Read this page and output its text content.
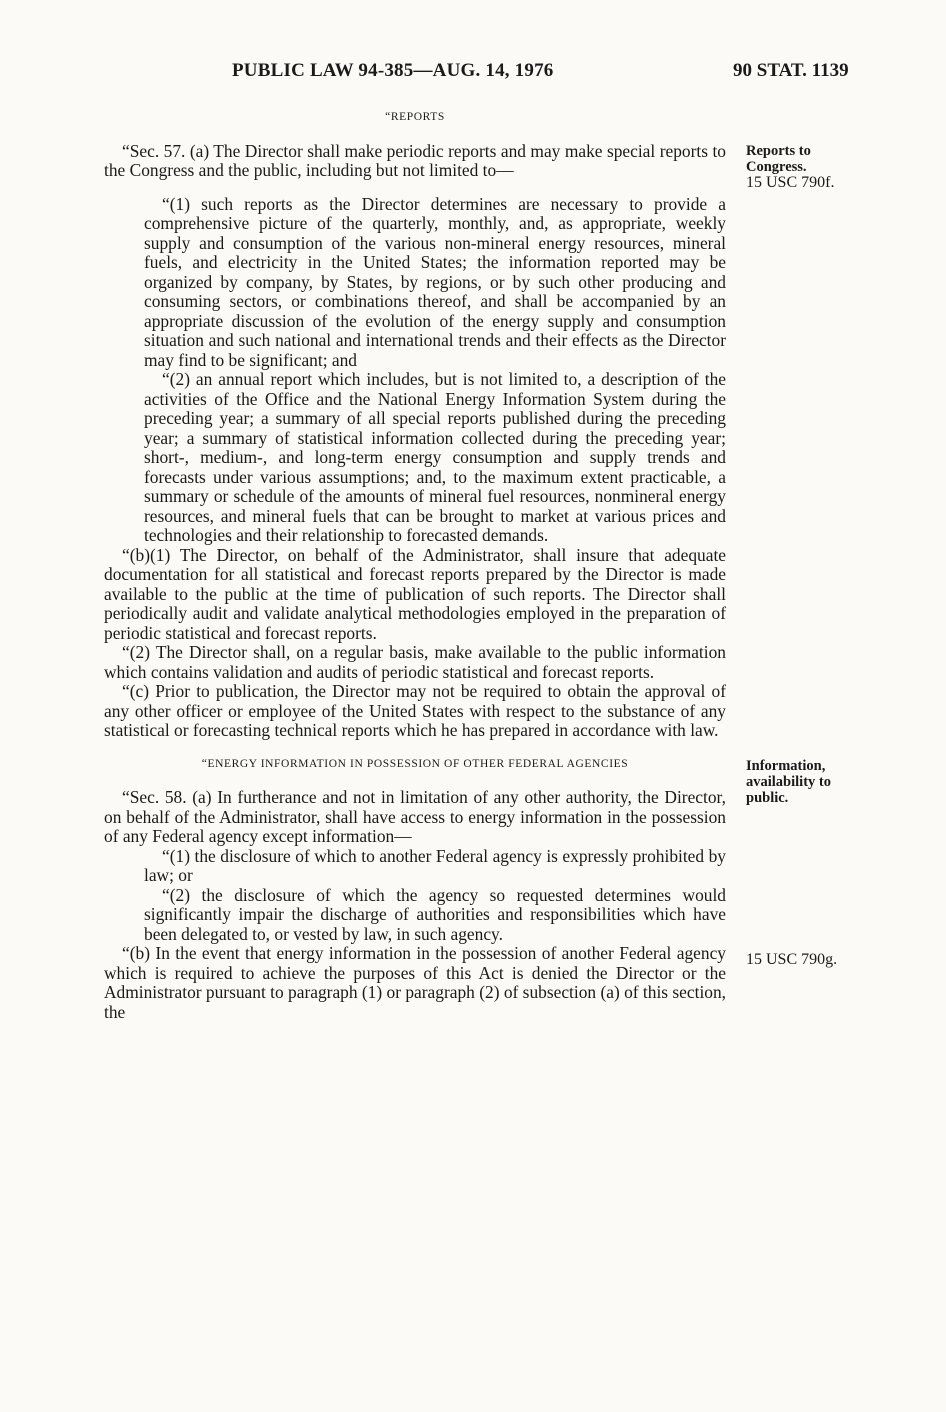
PUBLIC LAW 94-385—AUG. 14, 1976	90 STAT. 1139
“REPORTS

“Sec. 57. (a) The Director shall make periodic reports and may make special reports to the Congress and the public, including but not limited to—

“(1) such reports as the Director determines are necessary to provide a comprehensive picture of the quarterly, monthly, and, as appropriate, weekly supply and consumption of the various non-mineral energy resources, mineral fuels, and electricity in the United States; the information reported may be organized by company, by States, by regions, or by such other producing and consuming sectors, or combinations thereof, and shall be accompanied by an appropriate discussion of the evolution of the energy supply and consumption situation and such national and international trends and their effects as the Director may find to be significant; and

“(2) an annual report which includes, but is not limited to, a description of the activities of the Office and the National Energy Information System during the preceding year; a summary of all special reports published during the preceding year; a summary of statistical information collected during the preceding year; short-, medium-, and long-term energy consumption and supply trends and forecasts under various assumptions; and, to the maximum extent practicable, a summary or schedule of the amounts of mineral fuel resources, nonmineral energy resources, and mineral fuels that can be brought to market at various prices and technologies and their relationship to forecasted demands.

“(b)(1) The Director, on behalf of the Administrator, shall insure that adequate documentation for all statistical and forecast reports prepared by the Director is made available to the public at the time of publication of such reports. The Director shall periodically audit and validate analytical methodologies employed in the preparation of periodic statistical and forecast reports.

“(2) The Director shall, on a regular basis, make available to the public information which contains validation and audits of periodic statistical and forecast reports.

“(c) Prior to publication, the Director may not be required to obtain the approval of any other officer or employee of the United States with respect to the substance of any statistical or forecasting technical reports which he has prepared in accordance with law.

“ENERGY INFORMATION IN POSSESSION OF OTHER FEDERAL AGENCIES

“Sec. 58. (a) In furtherance and not in limitation of any other authority, the Director, on behalf of the Administrator, shall have access to energy information in the possession of any Federal agency except information—

“(1) the disclosure of which to another Federal agency is expressly prohibited by law; or

“(2) the disclosure of which the agency so requested determines would significantly impair the discharge of authorities and responsibilities which have been delegated to, or vested by law, in such agency.

“(b) In the event that energy information in the possession of another Federal agency which is required to achieve the purposes of this Act is denied the Director or the Administrator pursuant to paragraph (1) or paragraph (2) of subsection (a) of this section, the

Reports to Congress.
15 USC 790f.
Information, availability to public.
15 USC 790g.
